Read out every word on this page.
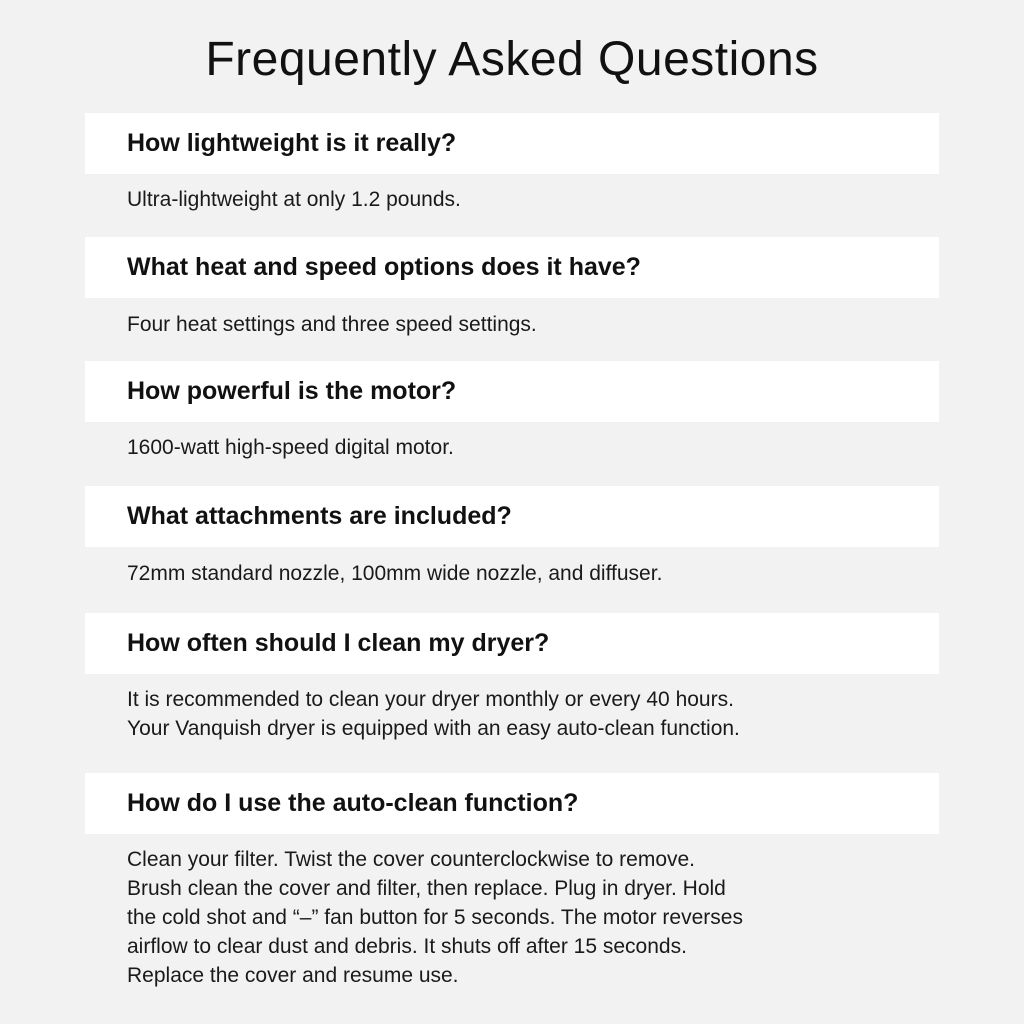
Frequently Asked Questions
How lightweight is it really?

Ultra-lightweight at only 1.2 pounds.

What heat and speed options does it have?

Four heat settings and three speed settings.

How powerful is the motor?

1600-watt high-speed digital motor.

What attachments are included?

72mm standard nozzle, 100mm wide nozzle, and diffuser.

How often should I clean my dryer?

It is recommended to clean your dryer monthly or every 40 hours.
Your Vanquish dryer is equipped with an easy auto-clean function.

How do I use the auto-clean function?

Clean your filter. Twist the cover counterclockwise to remove.
Brush clean the cover and filter, then replace. Plug in dryer. Hold
the cold shot and “–” fan button for 5 seconds. The motor reverses
airflow to clear dust and debris. It shuts off after 15 seconds.
Replace the cover and resume use.
